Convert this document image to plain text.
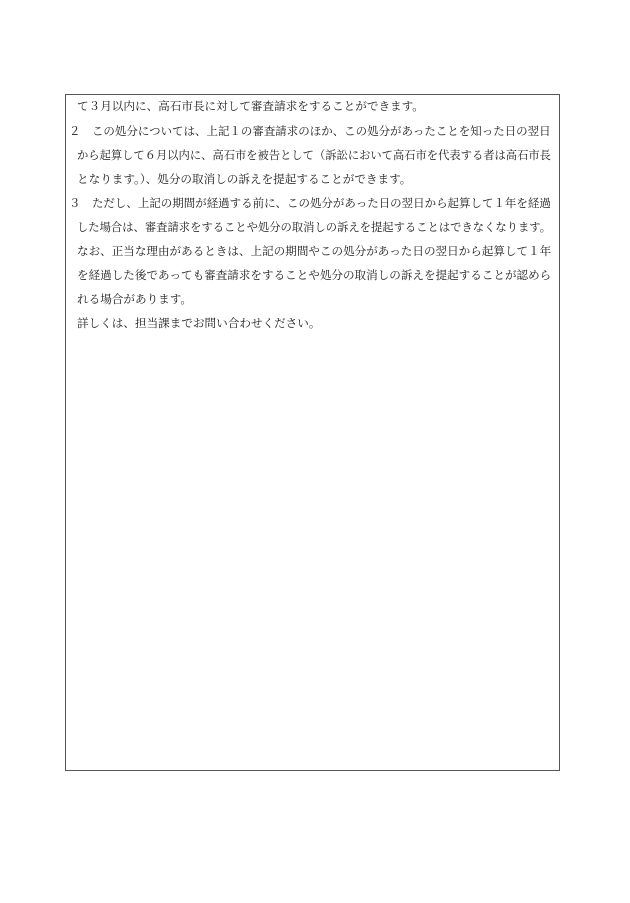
て３月以内に、高石市長に対して審査請求をすることができます。
２　この処分については、上記１の審査請求のほか、この処分があったことを知った日の翌日
から起算して６月以内に、高石市を被告として（訴訟において高石市を代表する者は高石市長
となります。）、処分の取消しの訴えを提起することができます。
３　ただし、上記の期間が経過する前に、この処分があった日の翌日から起算して１年を経過
した場合は、審査請求をすることや処分の取消しの訴えを提起することはできなくなります。
なお、正当な理由があるときは、上記の期間やこの処分があった日の翌日から起算して１年
を経過した後であっても審査請求をすることや処分の取消しの訴えを提起することが認めら
れる場合があります。
詳しくは、担当課までお問い合わせください。
